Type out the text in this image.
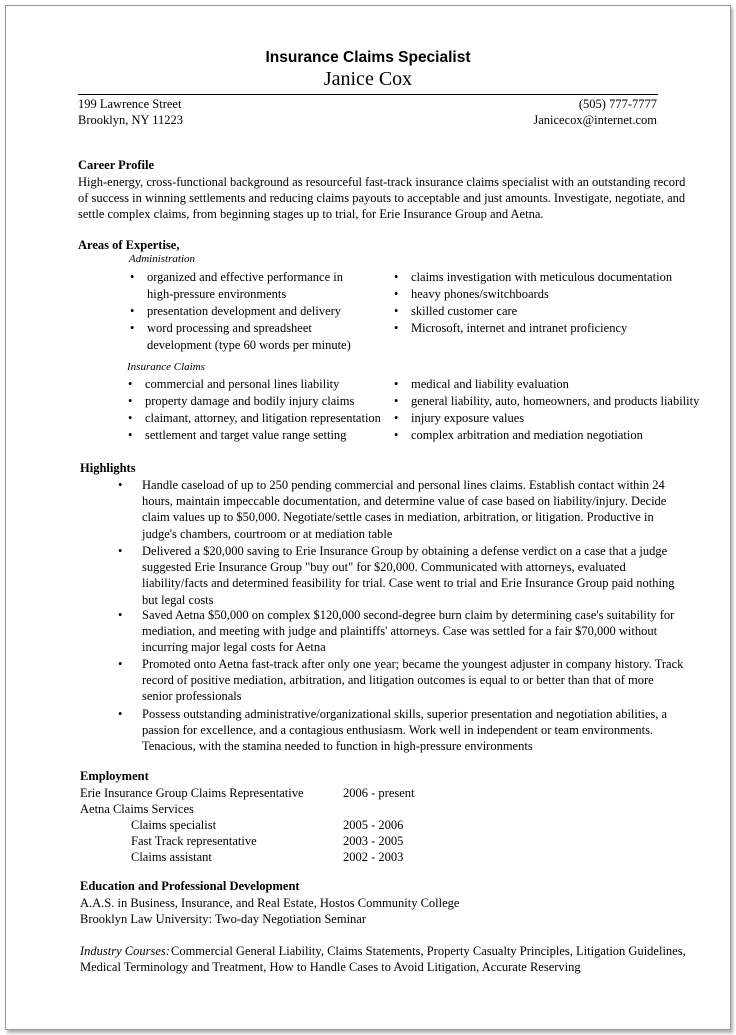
Insurance Claims Specialist
Janice Cox
199 Lawrence Street
Brooklyn, NY 11223
(505) 777-7777
Janicecox@internet.com
Career Profile
High-energy, cross-functional background as resourceful fast-track insurance claims specialist with an outstanding record
of success in winning settlements and reducing claims payouts to acceptable and just amounts. Investigate, negotiate, and
settle complex claims, from beginning stages up to trial, for Erie Insurance Group and Aetna.
Areas of Expertise,
Administration
• organized and effective performance in
high-pressure environments
• presentation development and delivery
• word processing and spreadsheet
development (type 60 words per minute)
• claims investigation with meticulous documentation
• heavy phones/switchboards
• skilled customer care
• Microsoft, internet and intranet proficiency
Insurance Claims
• commercial and personal lines liability
• property damage and bodily injury claims
• claimant, attorney, and litigation representation
• settlement and target value range setting
• medical and liability evaluation
• general liability, auto, homeowners, and products liability
• injury exposure values
• complex arbitration and mediation negotiation
Highlights
• Handle caseload of up to 250 pending commercial and personal lines claims. Establish contact within 24
hours, maintain impeccable documentation, and determine value of case based on liability/injury. Decide
claim values up to $50,000. Negotiate/settle cases in mediation, arbitration, or litigation. Productive in
judge's chambers, courtroom or at mediation table
• Delivered a $20,000 saving to Erie Insurance Group by obtaining a defense verdict on a case that a judge
suggested Erie Insurance Group "buy out" for $20,000. Communicated with attorneys, evaluated
liability/facts and determined feasibility for trial. Case went to trial and Erie Insurance Group paid nothing
but legal costs
• Saved Aetna $50,000 on complex $120,000 second-degree burn claim by determining case's suitability for
mediation, and meeting with judge and plaintiffs' attorneys. Case was settled for a fair $70,000 without
incurring major legal costs for Aetna
• Promoted onto Aetna fast-track after only one year; became the youngest adjuster in company history. Track
record of positive mediation, arbitration, and litigation outcomes is equal to or better than that of more
senior professionals
• Possess outstanding administrative/organizational skills, superior presentation and negotiation abilities, a
passion for excellence, and a contagious enthusiasm. Work well in independent or team environments.
Tenacious, with the stamina needed to function in high-pressure environments
Employment
Erie Insurance Group Claims Representative	2006 - present
Aetna Claims Services
Claims specialist	2005 - 2006
Fast Track representative	2003 - 2005
Claims assistant	2002 - 2003
Education and Professional Development
A.A.S. in Business, Insurance, and Real Estate, Hostos Community College
Brooklyn Law University: Two-day Negotiation Seminar
Industry Courses: Commercial General Liability, Claims Statements, Property Casualty Principles, Litigation Guidelines,
Medical Terminology and Treatment, How to Handle Cases to Avoid Litigation, Accurate Reserving
